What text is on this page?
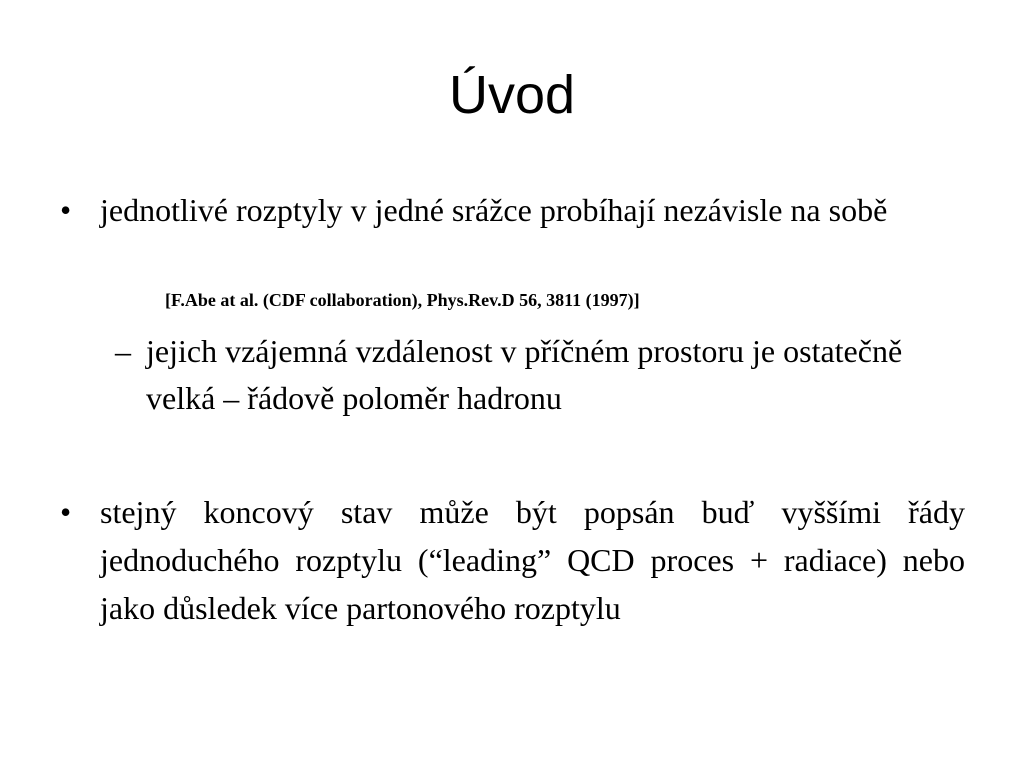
Úvod
• jednotlivé rozptyly v jedné srážce probíhají nezávisle na sobě
[F.Abe at al. (CDF collaboration), Phys.Rev.D 56, 3811 (1997)]
– jejich vzájemná vzdálenost v příčném prostoru je ostatečně velká – řádově poloměr hadronu
• stejný koncový stav může být popsán buď vyššími řády jednoduchého rozptylu (“leading” QCD proces + radiace) nebo jako důsledek více partonového rozptylu
